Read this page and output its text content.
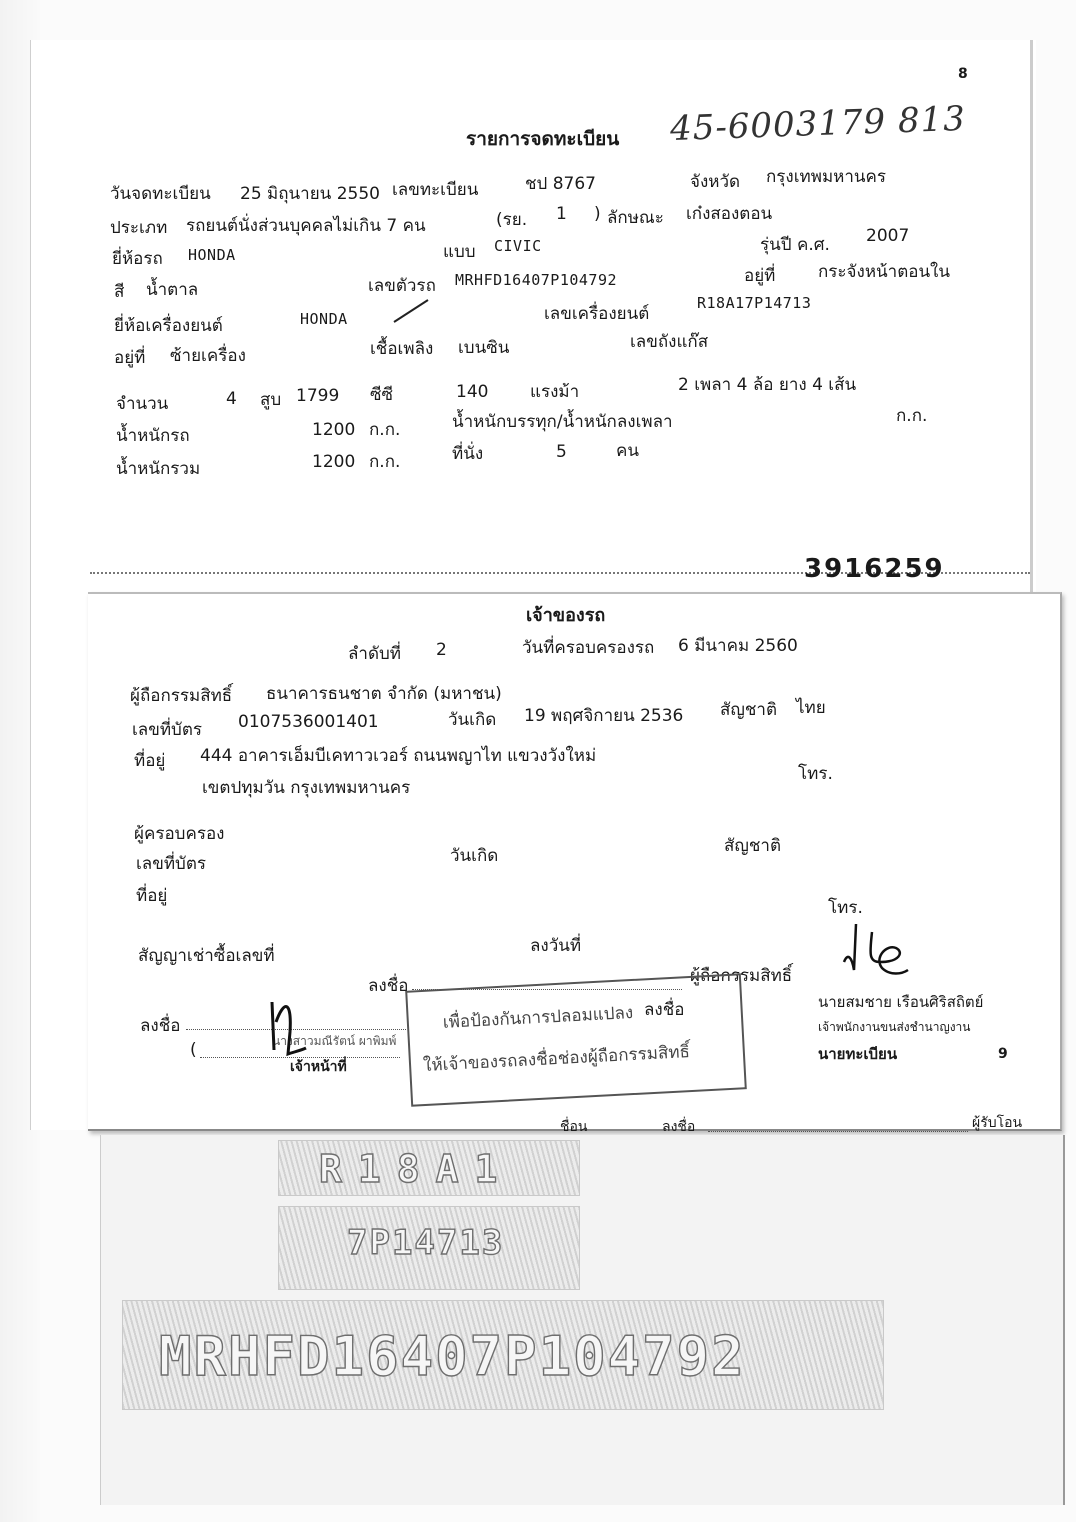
8
รายการจดทะเบียน 45-6003179 813
วันจดทะเบียน 25 มิถุนายน 2550 เลขทะเบียน	ชป 8767	จังหวัด กรุงเทพมหานคร
ประเภท รถยนต์นั่งส่วนบุคคลไม่เกิน 7 คน	(รย. 1 ) ลักษณะ เก๋งสองตอน
ยี่ห้อรถ HONDA	แบบ CIVIC	รุ่นปี ค.ศ. 2007
สี น้ำตาล	เลขตัวรถ MRHFD16407P104792	อยู่ที่	กระจังหน้าตอนใน
ยี่ห้อเครื่องยนต์	HONDA	เลขเครื่องยนต์
R18A17P14713
อยู่ที่ ซ้ายเครื่อง	เชื้อเพลิง เบนซิน	เลขถังแก๊ส
จำนวน	4 สูบ 1799 ซีซี	140 แรงม้า	2 เพลา 4 ล้อ ยาง 4 เส้น
น้ำหนักรถ	1200 ก.ก.	น้ำหนักบรรทุก/น้ำหนักลงเพลา	ก.ก.
น้ำหนักรวม	1200 ก.ก.	ที่นั่ง	5	คน
3916259
เจ้าของรถ
ลำดับที่ 2	วันที่ครอบครองรถ 6 มีนาคม 2560
ผู้ถือกรรมสิทธิ์ ธนาคารธนชาต จำกัด (มหาชน)
เลขที่บัตร 0107536001401	วันเกิด 19 พฤศจิกายน 2536 สัญชาติ ไทย
ที่อยู่ 444 อาคารเอ็มบีเคทาวเวอร์ ถนนพญาไท แขวงวังใหม่
เขตปทุมวัน กรุงเทพมหานคร
โทร.
ผู้ครอบครอง
เลขที่บัตร	วันเกิด	สัญชาติ
ที่อยู่
โทร.
สัญญาเช่าซื้อเลขที่	ลงวันที่
ลงชื่อ	ผู้ถือกรรมสิทธิ์
ลงชื่อ
(	นางสาวมณีรัตน์ ผาพิมพ์
เจ้าหน้าที่
ลงชื่อ	นายสมชาย เรือนศิริสถิตย์
เจ้าพนักงานขนส่งชำนาญงาน
นายทะเบียน	9
เพื่อป้องกันการปลอมแปลง
ให้เจ้าของรถลงชื่อช่องผู้ถือกรรมสิทธิ์
ชื่อน	ลงชื่อ	ผู้รับโอน
R18A1
7P14713
MRHFD16407P104792
